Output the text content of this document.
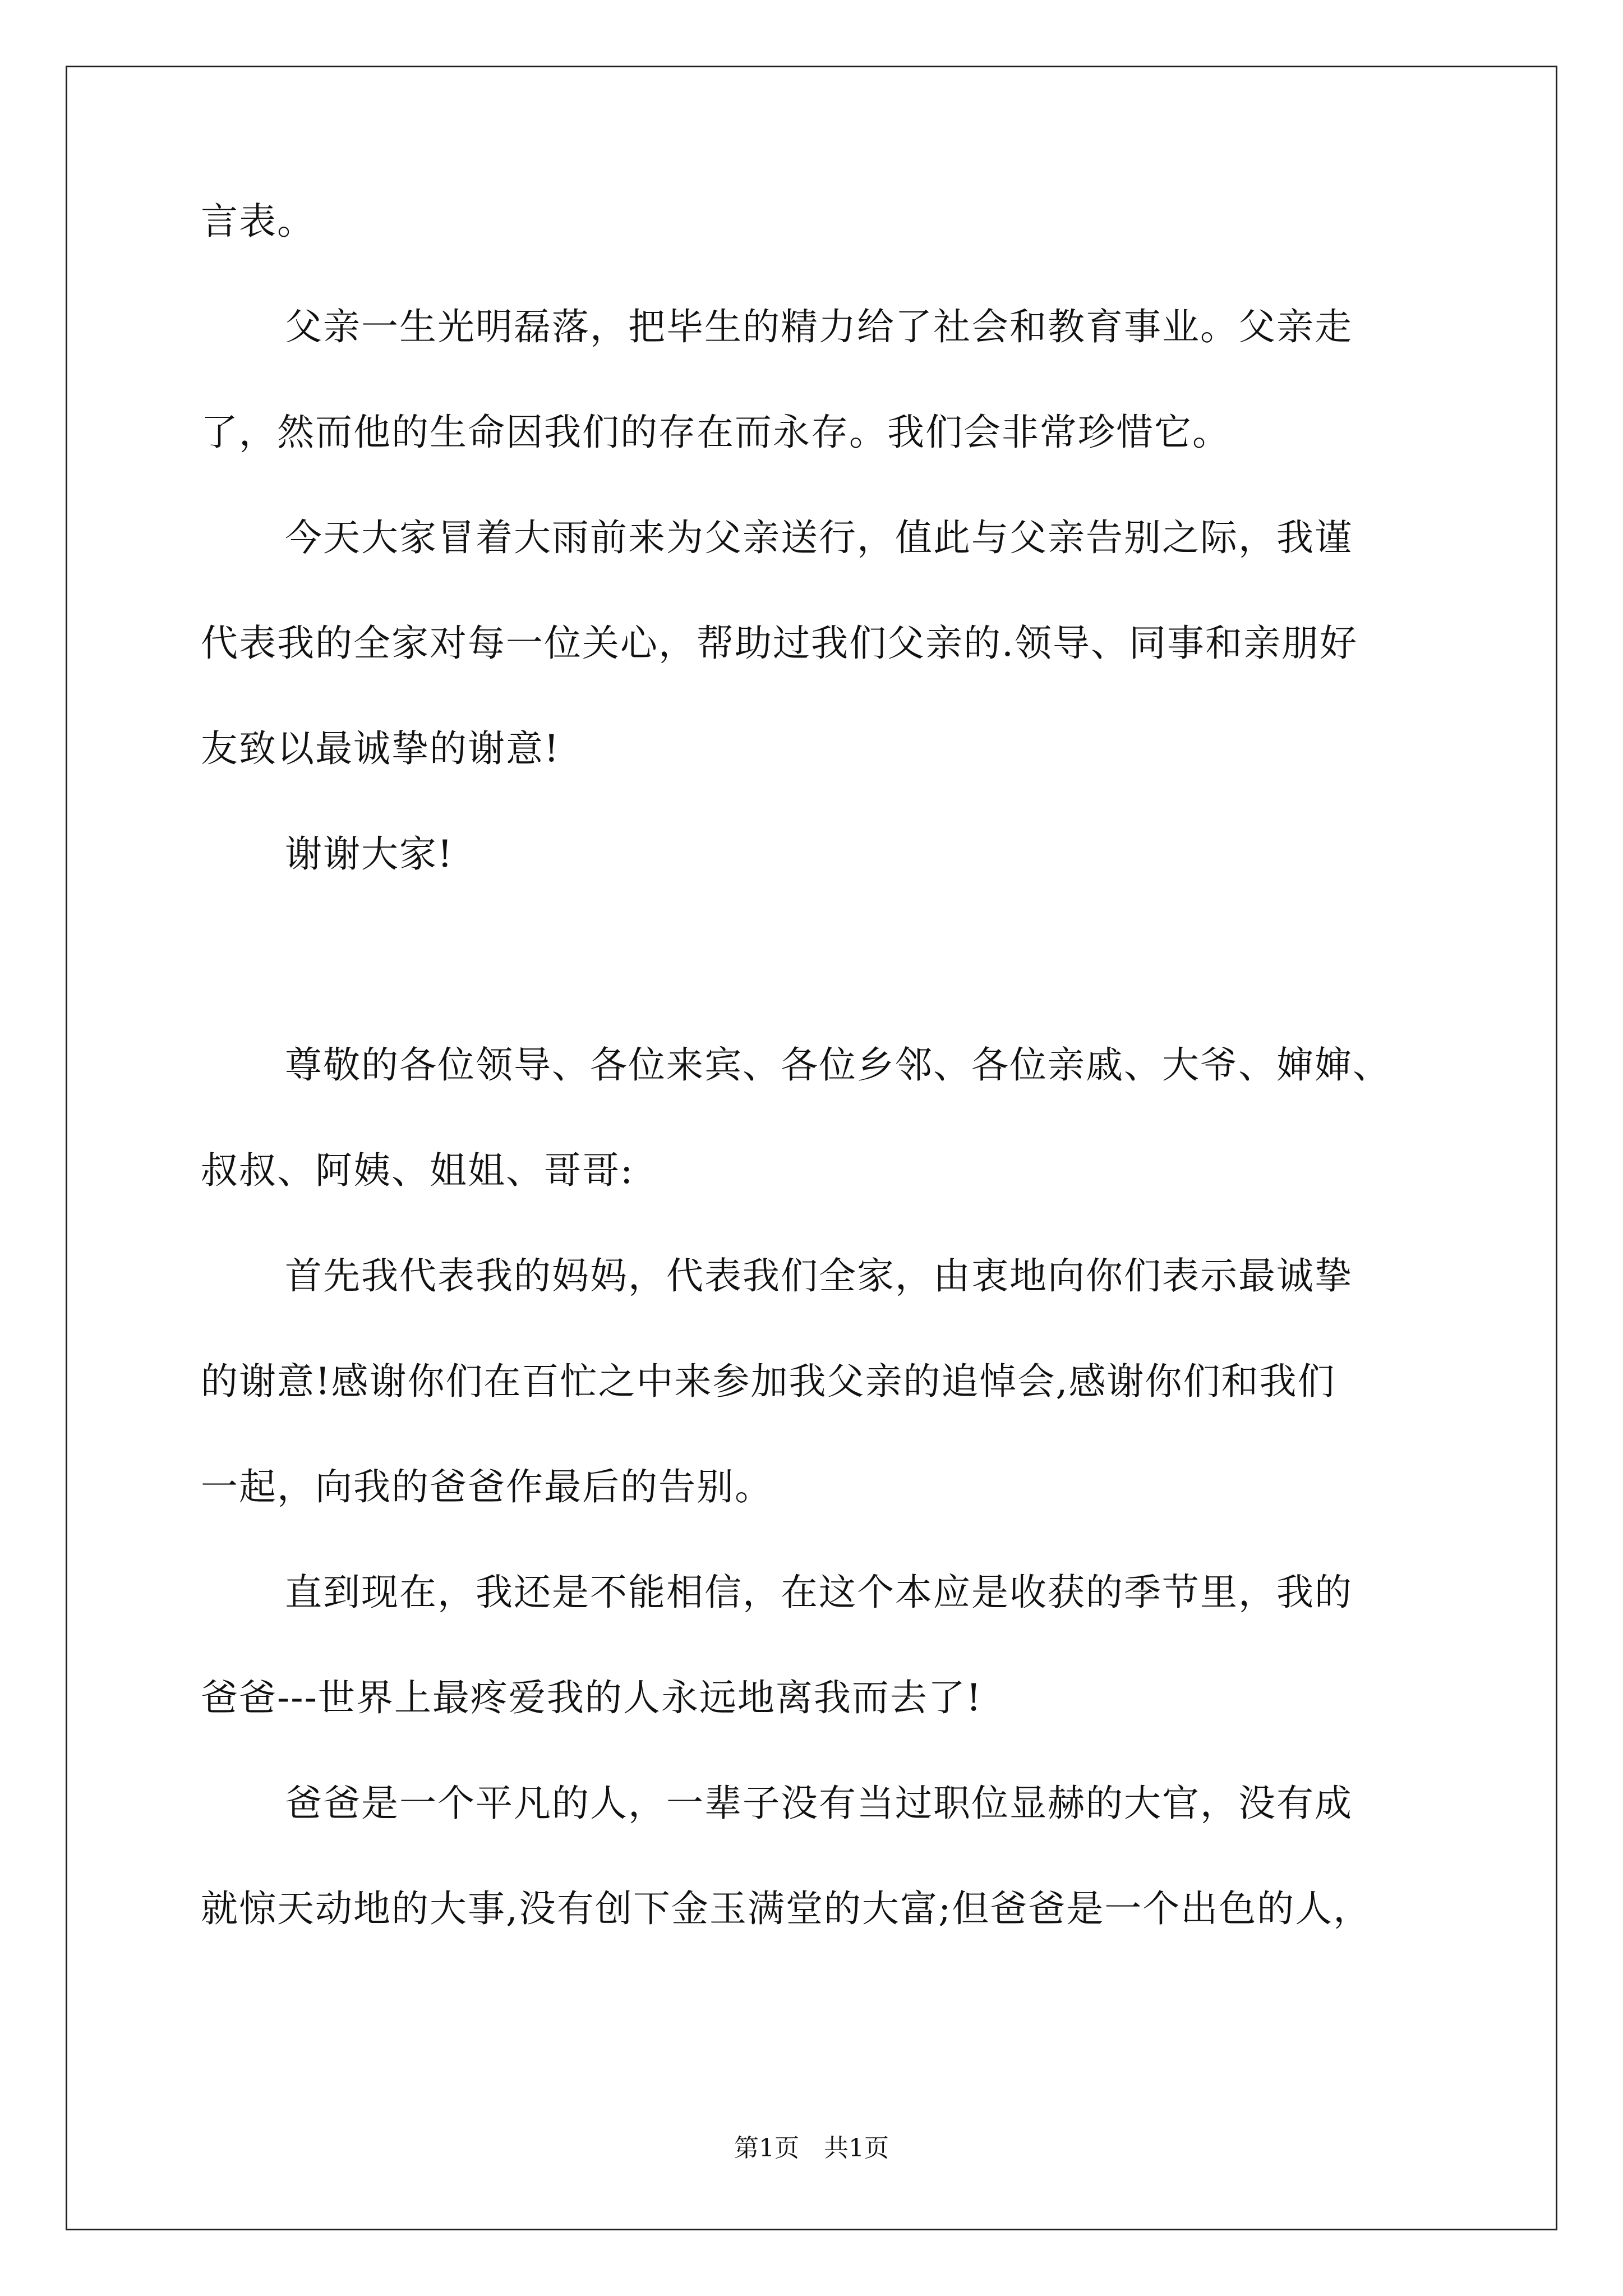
言表。
父亲一生光明磊落，把毕生的精力给了社会和教育事业。父亲走
了，然而他的生命因我们的存在而永存。我们会非常珍惜它。
今天大家冒着大雨前来为父亲送行，值此与父亲告别之际，我谨
代表我的全家对每一位关心，帮助过我们父亲的.领导、同事和亲朋好
友致以最诚挚的谢意!
谢谢大家!
尊敬的各位领导、各位来宾、各位乡邻、各位亲戚、大爷、婶婶、
叔叔、阿姨、姐姐、哥哥:
首先我代表我的妈妈，代表我们全家，由衷地向你们表示最诚挚
的谢意!感谢你们在百忙之中来参加我父亲的追悼会,感谢你们和我们
一起，向我的爸爸作最后的告别。
直到现在，我还是不能相信，在这个本应是收获的季节里，我的
爸爸---世界上最疼爱我的人永远地离我而去了!
爸爸是一个平凡的人，一辈子没有当过职位显赫的大官，没有成
就惊天动地的大事,没有创下金玉满堂的大富;但爸爸是一个出色的人，
第1页　共1页
